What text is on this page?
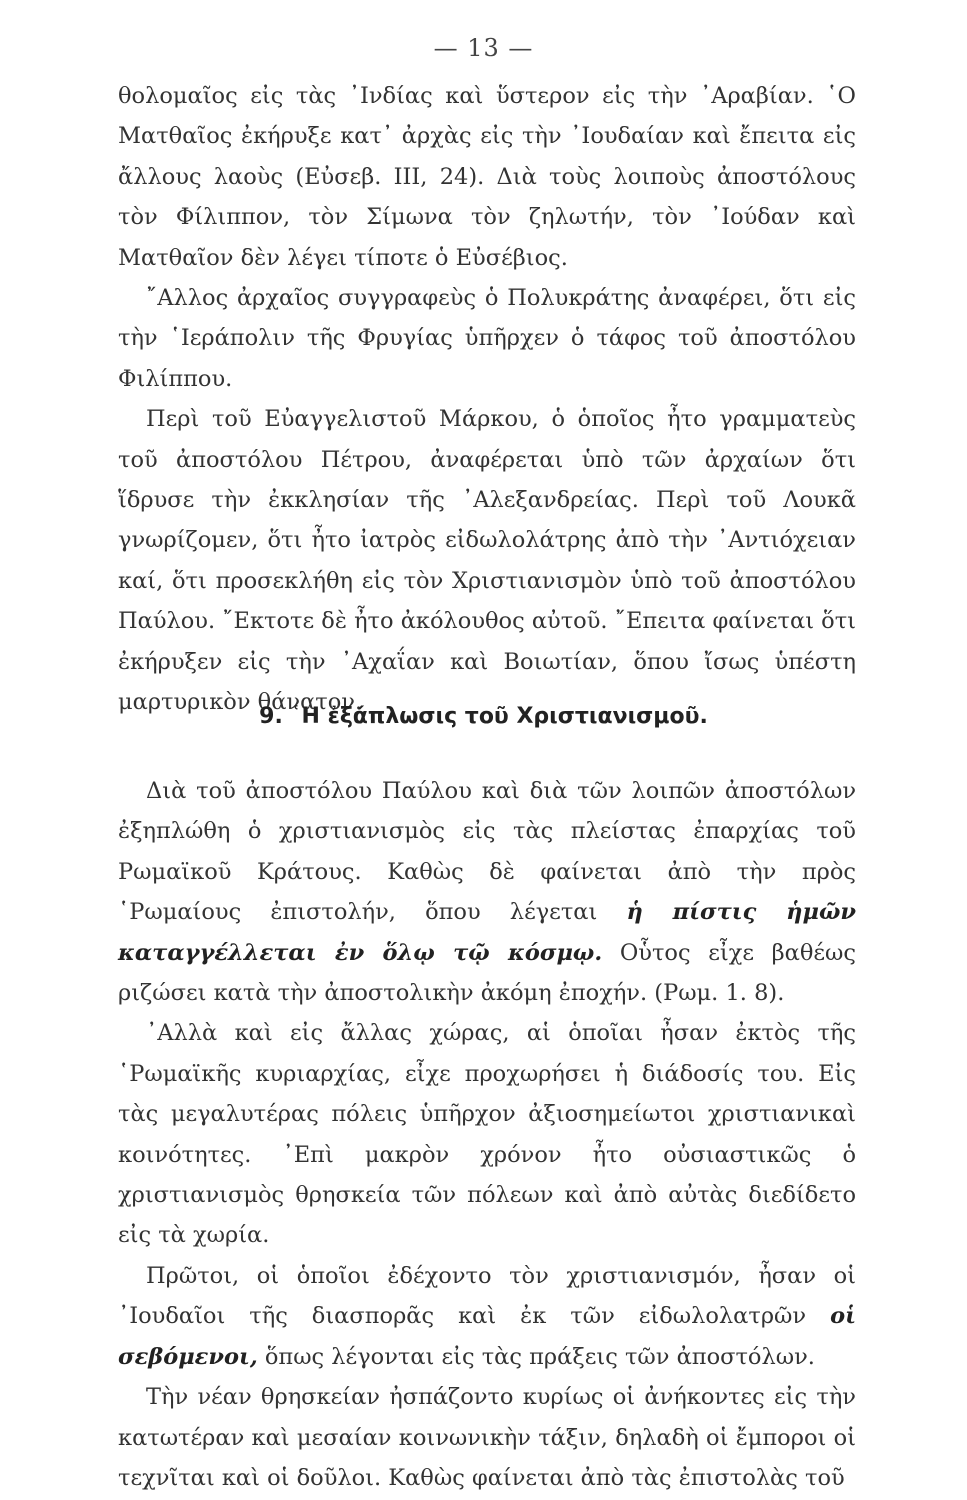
— 13 —

θολομαῖος εἰς τὰς ᾿Ινδίας καὶ ὕστερον εἰς τὴν ᾿Αραβίαν. ῾Ο Ματθαῖος ἐκήρυξε κατ᾿ ἀρχὰς εἰς τὴν ᾿Ιουδαίαν καὶ ἔπειτα εἰς ἄλλους λαοὺς (Εὐσεβ. ΙΙΙ, 24). Διὰ τοὺς λοιποὺς ἀποστόλους τὸν Φίλιππον, τὸν Σίμωνα τὸν ζηλωτήν, τὸν ᾿Ιούδαν καὶ Ματθαῖον δὲν λέγει τίποτε ὁ Εὐσέβιος.

῎Αλλος ἀρχαῖος συγγραφεὺς ὁ Πολυκράτης ἀναφέρει, ὅτι εἰς τὴν ῾Ιεράπολιν τῆς Φρυγίας ὑπῆρχεν ὁ τάφος τοῦ ἀποστόλου Φιλίππου.

Περὶ τοῦ Εὐαγγελιστοῦ Μάρκου, ὁ ὁποῖος ἦτο γραμματεὺς τοῦ ἀποστόλου Πέτρου, ἀναφέρεται ὑπὸ τῶν ἀρχαίων ὅτι ἵδρυσε τὴν ἐκκλησίαν τῆς ᾿Αλεξανδρείας. Περὶ τοῦ Λουκᾶ γνωρίζομεν, ὅτι ἦτο ἰατρὸς εἰδωλολάτρης ἀπὸ τὴν ᾿Αντιόχειαν καί, ὅτι προσεκλήθη εἰς τὸν Χριστιανισμὸν ὑπὸ τοῦ ἀποστόλου Παύλου. ῎Εκτοτε δὲ ἦτο ἀκόλουθος αὐτοῦ. ῎Επειτα φαίνεται ὅτι ἐκήρυξεν εἰς τὴν ᾿Αχαΐαν καὶ Βοιωτίαν, ὅπου ἴσως ὑπέστη μαρτυρικὸν θάνατον.

9. ῾Η ἐξάπλωσις τοῦ Χριστιανισμοῦ.

Διὰ τοῦ ἀποστόλου Παύλου καὶ διὰ τῶν λοιπῶν ἀποστόλων ἐξηπλώθη ὁ χριστιανισμὸς εἰς τὰς πλείστας ἐπαρχίας τοῦ Ρωμαϊκοῦ Κράτους. Καθὼς δὲ φαίνεται ἀπὸ τὴν πρὸς ῾Ρωμαίους ἐπιστολήν, ὅπου λέγεται ἡ πίστις ἡμῶν καταγγέλλεται ἐν ὅλῳ τῷ κόσμῳ. Οὗτος εἶχε βαθέως ριζώσει κατὰ τὴν ἀποστολικὴν ἀκόμη ἐποχήν. (Ρωμ. 1. 8).

᾿Αλλὰ καὶ εἰς ἄλλας χώρας, αἱ ὁποῖαι ἦσαν ἐκτὸς τῆς ῾Ρωμαϊκῆς κυριαρχίας, εἶχε προχωρήσει ἡ διάδοσίς του. Εἰς τὰς μεγαλυτέρας πόλεις ὑπῆρχον ἀξιοσημείωτοι χριστιανικαὶ κοινότητες. ᾿Επὶ μακρὸν χρόνον ἦτο οὐσιαστικῶς ὁ χριστιανισμὸς θρησκεία τῶν πόλεων καὶ ἀπὸ αὐτὰς διεδίδετο εἰς τὰ χωρία.

Πρῶτοι, οἱ ὁποῖοι ἐδέχοντο τὸν χριστιανισμόν, ἦσαν οἱ ᾿Ιουδαῖοι τῆς διασπορᾶς καὶ ἐκ τῶν εἰδωλολατρῶν οἱ σεβόμενοι, ὅπως λέγονται εἰς τὰς πράξεις τῶν ἀποστόλων.

Τὴν νέαν θρησκείαν ἠσπάζοντο κυρίως οἱ ἀνήκοντες εἰς τὴν κατωτέραν καὶ μεσαίαν κοινωνικὴν τάξιν, δηλαδὴ οἱ ἔμποροι οἱ τεχνῖται καὶ οἱ δοῦλοι. Καθὼς φαίνεται ἀπὸ τὰς ἐπιστολὰς τοῦ
